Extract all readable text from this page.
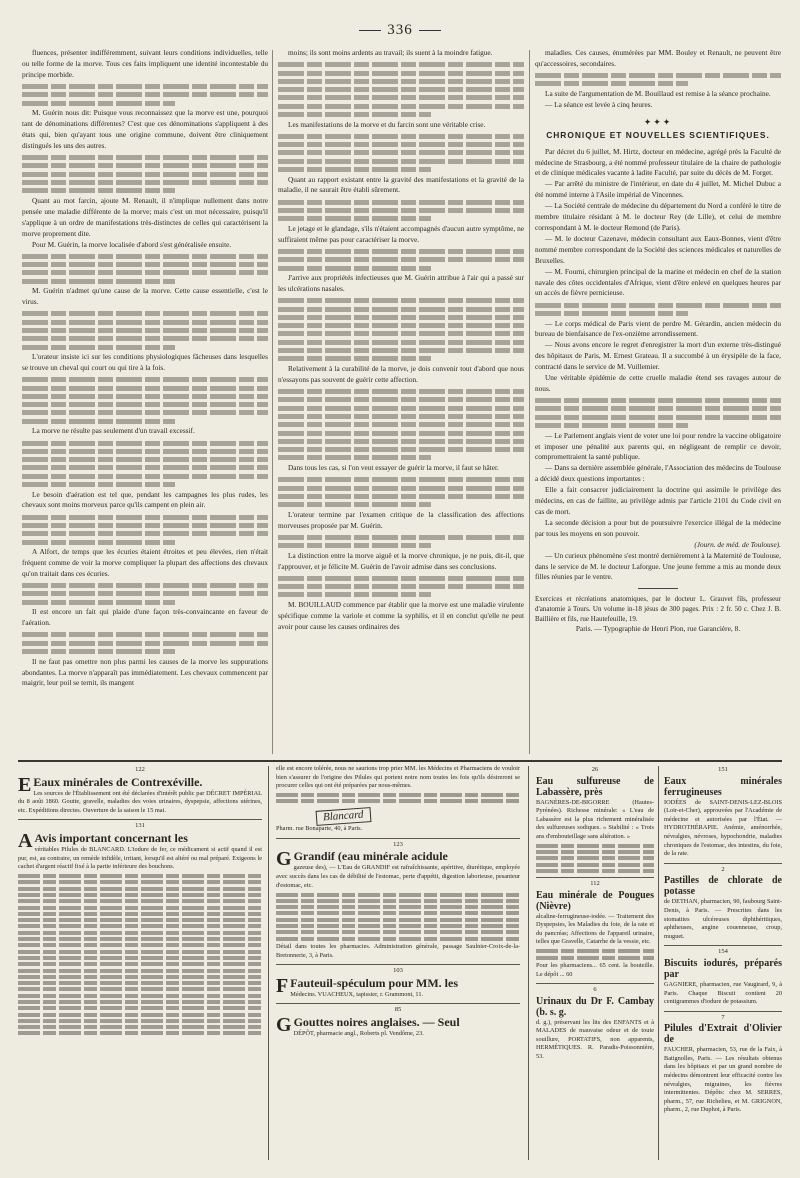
336

fluences, présenter indifféremment, suivant leurs conditions individuelles, telle ou telle forme de la morve. Tous ces faits impliquent une identité incontestable du principe morbide.

M. Guérin nous dit: Puisque vous reconnaissez que la morve est une, pourquoi tant de dénominations différentes? C'est que ces dénominations s'appliquent à des états qui, bien qu'ayant tous une origine commune, doivent être cliniquement distingués les uns des autres.

Quant au mot farcin, ajoute M. Renault, il n'implique nullement dans notre pensée une maladie différente de la morve; mais c'est un mot nécessaire, puisqu'il s'applique à un ordre de manifestations très-distinctes de celles qui caractérisent la morve proprement dite.

Pour M. Guérin, la morve localisée d'abord s'est généralisée ensuite.

M. Guérin n'admet qu'une cause de la morve. Cette cause essentielle, c'est le virus.

L'orateur insiste ici sur les conditions physiologiques fâcheuses dans lesquelles se trouve un cheval qui court ou qui tire à la fois.

La morve ne résulte pas seulement d'un travail excessif.

Le besoin d'aération est tel que, pendant les campagnes les plus rudes, les chevaux sont moins morveux parce qu'ils campent en plein air.

A Alfort, de temps que les écuries étaient étroites et peu élevées, rien n'était fréquent comme de voir la morve compliquer la plupart des affections des chevaux qu'on traitait dans ces écuries.

Il est encore un fait qui plaide d'une façon très-convaincante en faveur de l'aération.

Il ne faut pas omettre non plus parmi les causes de la morve les suppurations abondantes. La morve n'apparaît pas immédiatement. Les chevaux commencent par maigrir, leur poil se ternit, ils mangent

moins; ils sont moins ardents au travail; ils suent à la moindre fatigue.

Les manifestations de la morve et du farcin sont une véritable crise.

Quant au rapport existant entre la gravité des manifestations et la gravité de la maladie, il ne saurait être établi sûrement.

Le jetage et le glandage, s'ils n'étaient accompagnés d'aucun autre symptôme, ne suffiraient même pas pour caractériser la morve.

J'arrive aux propriétés infectieuses que M. Guérin attribue à l'air qui a passé sur les ulcérations nasales.

Relativement à la curabilité de la morve, je dois convenir tout d'abord que nous n'essayons pas souvent de guérir cette affection.

Dans tous les cas, si l'on veut essayer de guérir la morve, il faut se hâter.

L'orateur termine par l'examen critique de la classification des affections morveuses proposée par M. Guérin.

La distinction entre la morve aiguë et la morve chronique, je ne puis, dit-il, que l'approuver, et je félicite M. Guérin de l'avoir admise dans ses conclusions.

M. BOUILLAUD commence par établir que la morve est une maladie virulente spécifique comme la variole et comme la syphilis, et il en conclut qu'elle ne peut avoir pour cause les causes ordinaires des

maladies. Ces causes, énumérées par MM. Bouley et Renault, ne peuvent être qu'accessoires, secondaires.

La suite de l'argumentation de M. Bouillaud est remise à la séance prochaine.

— La séance est levée à cinq heures.

✦✦✦
CHRONIQUE ET NOUVELLES SCIENTIFIQUES.

Par décret du 6 juillet, M. Hirtz, docteur en médecine, agrégé près la Faculté de médecine de Strasbourg, a été nommé professeur titulaire de la chaire de pathologie et de clinique médicales vacante à ladite Faculté, par suite du décès de M. Forget.

— Par arrêté du ministre de l'intérieur, en date du 4 juillet, M. Michel Dubuc a été nommé interne à l'Asile impérial de Vincennes.

— La Société centrale de médecine du département du Nord a conféré le titre de membre titulaire résidant à M. le docteur Rey (de Lille), et celui de membre correspondant à M. le docteur Remond (de Paris).

— M. le docteur Cazenave, médecin consultant aux Eaux-Bonnes, vient d'être nommé membre correspondant de la Société des sciences médicales et naturelles de Bruxelles.

— M. Fourni, chirurgien principal de la marine et médecin en chef de la station navale des côtes occidentales d'Afrique, vient d'être enlevé en quelques heures par un accès de fièvre pernicieuse.

— Le corps médical de Paris vient de perdre M. Gérardin, ancien médecin du bureau de bienfaisance de l'ex-onzième arrondissement.

— Nous avons encore le regret d'enregistrer la mort d'un externe très-distingué des hôpitaux de Paris, M. Ernest Grateau. Il a succombé à un érysipèle de la face, contracté dans le service de M. Vuillemier.

Une véritable épidémie de cette cruelle maladie étend ses ravages autour de nous.

— Le Parlement anglais vient de voter une loi pour rendre la vaccine obligatoire et imposer une pénalité aux parents qui, en négligeant de remplir ce devoir, compromettraient la santé publique.

— Dans sa dernière assemblée générale, l'Association des médecins de Toulouse a décidé deux questions importantes :

Elle a fait consacrer judiciairement la doctrine qui assimile le privilège des médecins, en cas de faillite, au privilège admis par l'article 2101 du Code civil en cas de mort.

La seconde décision a pour but de poursuivre l'exercice illégal de la médecine par tous les moyens en son pouvoir.

(Journ. de méd. de Toulouse).

— Un curieux phénomène s'est montré dernièrement à la Maternité de Toulouse, dans le service de M. le docteur Laforgue. Une jeune femme a mis au monde deux filles réunies par le ventre.

Exercices et récréations anatomiques, par le docteur L. Grauvet fils, professeur d'anatomie à Tours. Un volume in-18 jésus de 300 pages. Prix : 2 fr. 50 c. Chez J. B. Baillière et fils, rue Hautefeuille, 19.

Paris. — Typographie de Henri Plon, rue Garancière, 8.

122
E Eaux minérales de Contrexéville.
Les sources de l'Établissement ont été déclarées d'intérêt public par DÉCRET IMPÉRIAL du 8 août 1860. Goutte, gravelle, maladies des voies urinaires, dyspepsie, affections utérines, etc. Expéditions directes. Ouverture de la saison le 15 mai.
131
A Avis important concernant les
véritables Pilules de BLANCARD. L'iodure de fer, ce médicament si actif quand il est pur, est, au contraire, un remède infidèle, irritant, lorsqu'il est altéré ou mal préparé. Exigeons le cachet d'argent réactif fixé à la partie inférieure des bouchons.
elle est encore tolérée, nous ne saurions trop prier MM. les Médecins et Pharmaciens de vouloir bien s'assurer de l'origine des Pilules qui portent notre nom toutes les fois qu'ils désireront se procurer celles qui ont été préparées par nous-mêmes.
Blancard
Pharm. rue Bonaparte, 40, à Paris.
123
G Grandif (eau minérale acidule
gazeuse des), — L'Eau de GRANDIF est rafraîchissante, apéritive, diurétique, employée avec succès dans les cas de débilité de l'estomac, perte d'appétit, digestion laborieuse, pesanteur d'estomac, etc.
Détail dans toutes les pharmacies. Administration générale, passage Saulnier-Croix-de-la-Bretonnerie, 3, à Paris.
103
F Fauteuil-spéculum pour MM. les
Médecins. VUACHEUX, tapissier, r. Grammont, 11.
85
G Gouttes noires anglaises. — Seul
DÉPÔT, pharmacie angl., Roberts pl. Vendôme, 23.
26
Eau sulfureuse de Labassère, près
BAGNÈRES-DE-BIGORRE (Hautes-Pyrénées). Richesse minérale: « L'eau de Labassère est la plus richement minéralisée des sulfureuses sodiques. » Stabilité : « Trois ans d'embouteillage sans altération. »
112
Eau minérale de Pougues (Nièvre)
alcaline-ferrugineuse-iodée. — Traitement des Dyspepsies, les Maladies du foie, de la rate et du pancréas; Affections de l'appareil urinaire, telles que Gravelle, Catarrhe de la vessie, etc.
Pour les pharmaciens... 65 cent. la bouteille. Le dépôt ... 60
6
Urinaux du Dr F. Cambay (b. s. g.
d. g.), préservant les lits des ENFANTS et à MALADES de mauvaise odeur et de toute souillure, PORTATIFS, non apparents, HERMÉTIQUES. R. Paradis-Poissonnière, 53.
151
Eaux minérales ferrugineuses
IODÉES de SAINT-DENIS-LEZ-BLOIS (Loir-et-Cher), approuvées par l'Académie de médecine et autorisées par l'État. — HYDROTHÉRAPIE. Anémie, aménorrhée, névralgies, névroses, hypochondrie, maladies chroniques de l'estomac, des intestins, du foie, de la rate.
2
Pastilles de chlorate de potasse
de DETHAN, pharmacien, 90, faubourg Saint-Denis, à Paris. — Prescrites dans les stomatites ulcéreuses diphthéritiques, aphtheuses, angine couenneuse, croup, muguet.
154
Biscuits iodurés, préparés par
GAGNIERE, pharmacien, rue Vaugirard, 9, à Paris. Chaque Biscuit contient 20 centigrammes d'iodure de potassium.
7
Pilules d'Extrait d'Olivier de
FAUCHER, pharmacien, 53, rue de la Faix, à Batignolles, Paris. — Les résultats obtenus dans les hôpitaux et par un grand nombre de médecins démontrent leur efficacité contre les névralgies, migraines, les fièvres intermittentes. Dépôts: chez M. SERRES, pharm., 57, rue Richelieu, et M. GRIGNON, pharm., 2, rue Duphot, à Paris.
